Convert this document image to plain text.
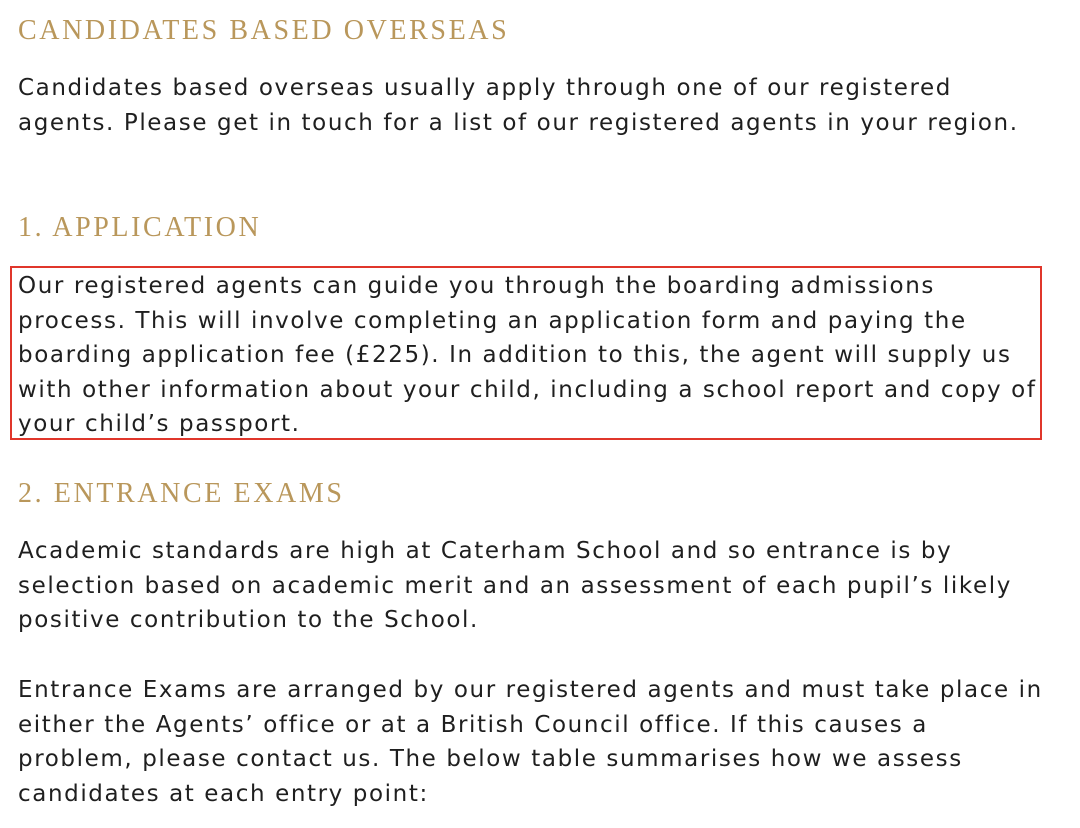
CANDIDATES BASED OVERSEAS

Candidates based overseas usually apply through one of our registered agents. Please get in touch for a list of our registered agents in your region.

1. APPLICATION

Our registered agents can guide you through the boarding admissions process. This will involve completing an application form and paying the boarding application fee (£225). In addition to this, the agent will supply us with other information about your child, including a school report and copy of your child’s passport.

2. ENTRANCE EXAMS

Academic standards are high at Caterham School and so entrance is by selection based on academic merit and an assessment of each pupil’s likely positive contribution to the School.

Entrance Exams are arranged by our registered agents and must take place in either the Agents’ office or at a British Council office. If this causes a problem, please contact us. The below table summarises how we assess candidates at each entry point:
